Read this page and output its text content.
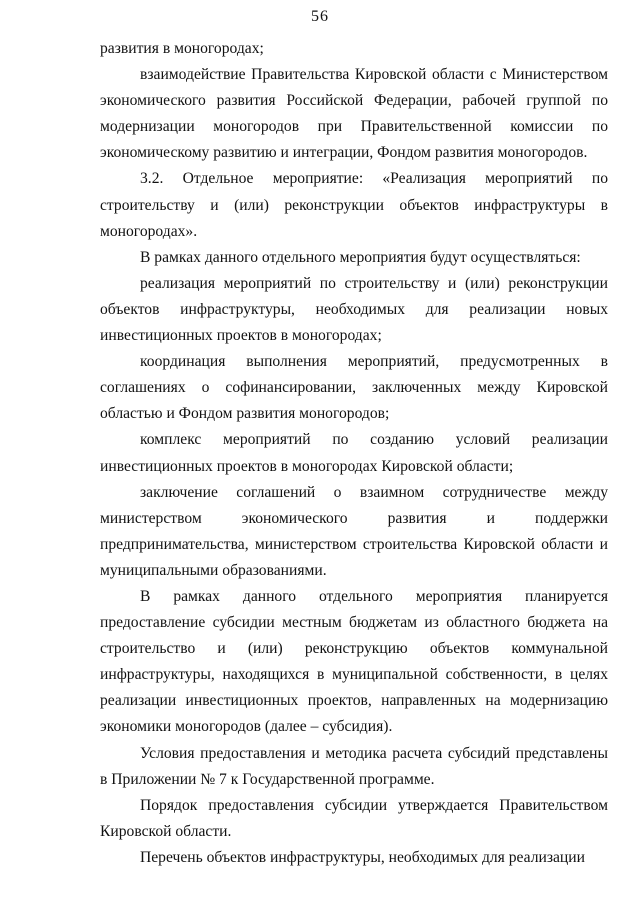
56

развития в моногородах;

взаимодействие Правительства Кировской области с Министерством экономического развития Российской Федерации, рабочей группой по модернизации моногородов при Правительственной комиссии по экономическому развитию и интеграции, Фондом развития моногородов.

3.2. Отдельное мероприятие: «Реализация мероприятий по строительству и (или) реконструкции объектов инфраструктуры в моногородах».

В рамках данного отдельного мероприятия будут осуществляться:

реализация мероприятий по строительству и (или) реконструкции объектов инфраструктуры, необходимых для реализации новых инвестиционных проектов в моногородах;

координация выполнения мероприятий, предусмотренных в соглашениях о софинансировании, заключенных между Кировской областью и Фондом развития моногородов;

комплекс мероприятий по созданию условий реализации инвестиционных проектов в моногородах Кировской области;

заключение соглашений о взаимном сотрудничестве между министерством экономического развития и поддержки предпринимательства, министерством строительства Кировской области и муниципальными образованиями.

В рамках данного отдельного мероприятия планируется предоставление субсидии местным бюджетам из областного бюджета на строительство и (или) реконструкцию объектов коммунальной инфраструктуры, находящихся в муниципальной собственности, в целях реализации инвестиционных проектов, направленных на модернизацию экономики моногородов (далее – субсидия).

Условия предоставления и методика расчета субсидий представлены в Приложении № 7 к Государственной программе.

Порядок предоставления субсидии утверждается Правительством Кировской области.

Перечень объектов инфраструктуры, необходимых для реализации
